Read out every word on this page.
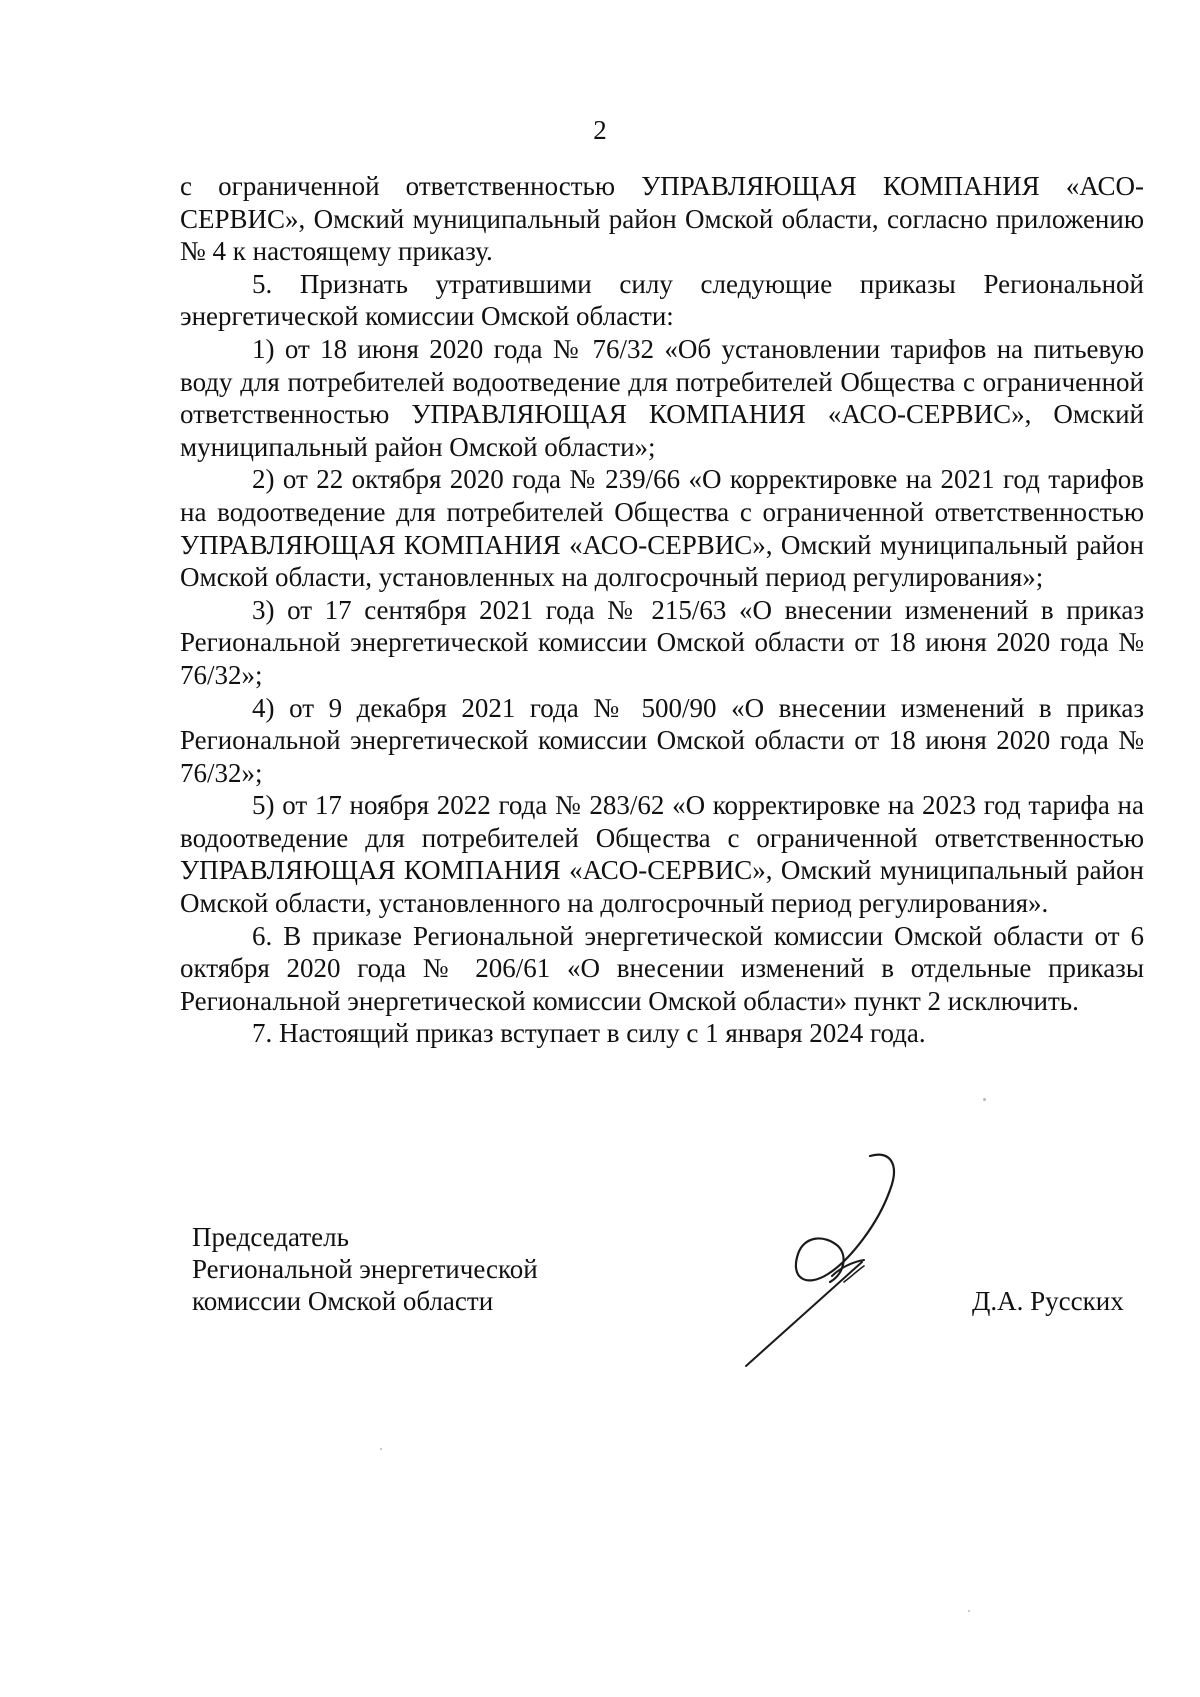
2

с ограниченной ответственностью УПРАВЛЯЮЩАЯ КОМПАНИЯ «АСО-СЕРВИС», Омский муниципальный район Омской области, согласно приложению № 4 к настоящему приказу.

5. Признать утратившими силу следующие приказы Региональной энергетической комиссии Омской области:

1) от 18 июня 2020 года № 76/32 «Об установлении тарифов на питьевую воду для потребителей водоотведение для потребителей Общества с ограниченной ответственностью УПРАВЛЯЮЩАЯ КОМПАНИЯ «АСО-СЕРВИС», Омский муниципальный район Омской области»;

2) от 22 октября 2020 года № 239/66 «О корректировке на 2021 год тарифов на водоотведение для потребителей Общества с ограниченной ответственностью УПРАВЛЯЮЩАЯ КОМПАНИЯ «АСО-СЕРВИС», Омский муниципальный район Омской области, установленных на долгосрочный период регулирования»;

3) от 17 сентября 2021 года № 215/63 «О внесении изменений в приказ Региональной энергетической комиссии Омской области от 18 июня 2020 года № 76/32»;

4) от 9 декабря 2021 года № 500/90 «О внесении изменений в приказ Региональной энергетической комиссии Омской области от 18 июня 2020 года № 76/32»;

5) от 17 ноября 2022 года № 283/62 «О корректировке на 2023 год тарифа на водоотведение для потребителей Общества с ограниченной ответственностью УПРАВЛЯЮЩАЯ КОМПАНИЯ «АСО-СЕРВИС», Омский муниципальный район Омской области, установленного на долгосрочный период регулирования».

6. В приказе Региональной энергетической комиссии Омской области от 6 октября 2020 года № 206/61 «О внесении изменений в отдельные приказы Региональной энергетической комиссии Омской области» пункт 2 исключить.

7. Настоящий приказ вступает в силу с 1 января 2024 года.

Председатель
Региональной энергетической
комиссии Омской области	Д.А. Русских
